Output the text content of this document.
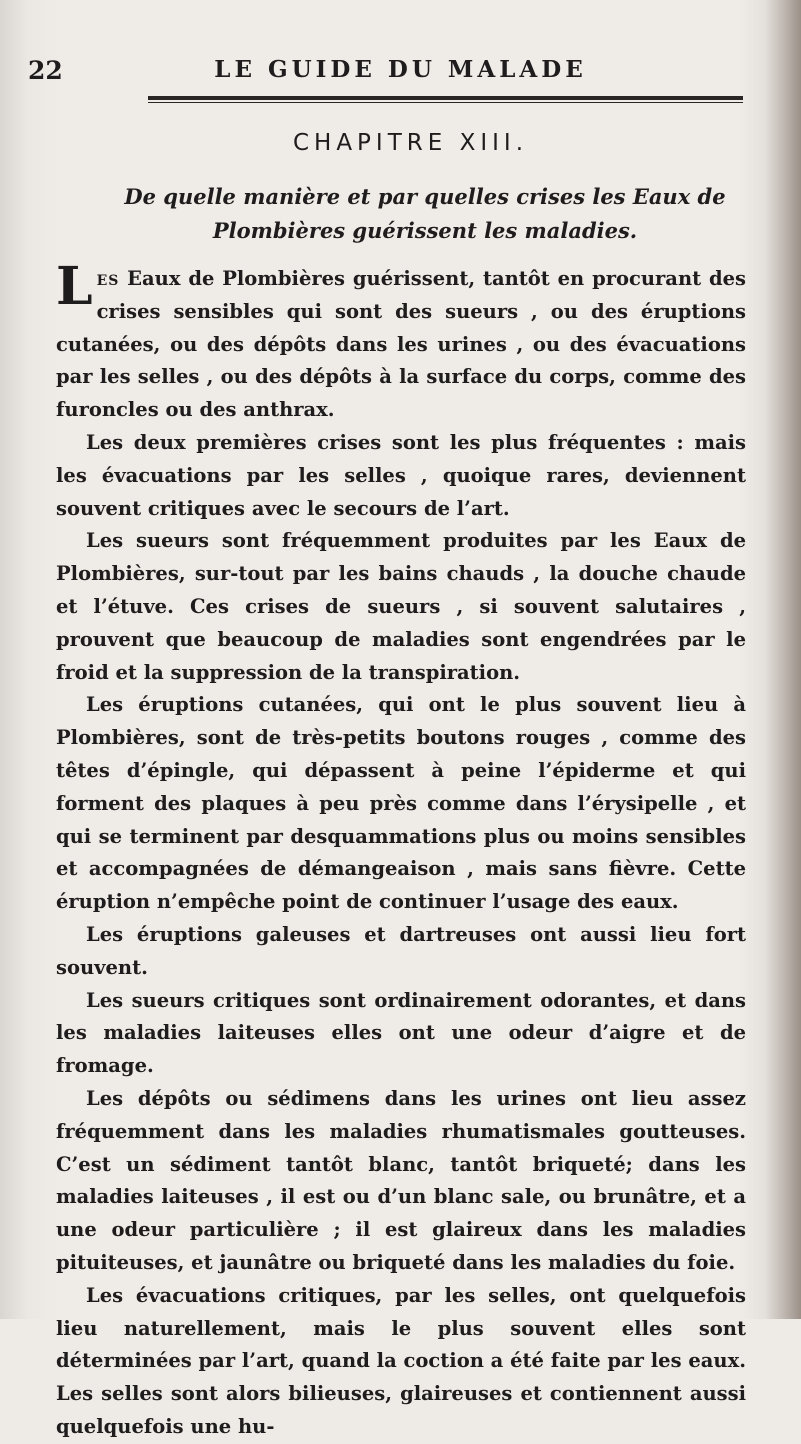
22	LE GUIDE DU MALADE
CHAPITRE XIII.
De quelle manière et par quelles crises les Eaux de Plombières guérissent les maladies.

Les Eaux de Plombières guérissent, tantôt en procurant des crises sensibles qui sont des sueurs , ou des éruptions cutanées, ou des dépôts dans les urines , ou des évacuations par les selles , ou des dépôts à la surface du corps, comme des furoncles ou des anthrax.

Les deux premières crises sont les plus fréquentes : mais les évacuations par les selles , quoique rares, deviennent souvent critiques avec le secours de l’art.

Les sueurs sont fréquemment produites par les Eaux de Plombières, sur-tout par les bains chauds , la douche chaude et l’étuve. Ces crises de sueurs , si souvent salutaires , prouvent que beaucoup de maladies sont engendrées par le froid et la suppression de la transpiration.

Les éruptions cutanées, qui ont le plus souvent lieu à Plombières, sont de très-petits boutons rouges , comme des têtes d’épingle, qui dépassent à peine l’épiderme et qui forment des plaques à peu près comme dans l’érysipelle , et qui se terminent par desquammations plus ou moins sensibles et accompagnées de démangeaison , mais sans fièvre. Cette éruption n’empêche point de continuer l’usage des eaux.

Les éruptions galeuses et dartreuses ont aussi lieu fort souvent.

Les sueurs critiques sont ordinairement odorantes, et dans les maladies laiteuses elles ont une odeur d’aigre et de fromage.

Les dépôts ou sédimens dans les urines ont lieu assez fréquemment dans les maladies rhumatismales goutteuses. C’est un sédiment tantôt blanc, tantôt briqueté; dans les maladies laiteuses , il est ou d’un blanc sale, ou brunâtre, et a une odeur particulière ; il est glaireux dans les maladies pituiteuses, et jaunâtre ou briqueté dans les maladies du foie.

Les évacuations critiques, par les selles, ont quelquefois lieu naturellement, mais le plus souvent elles sont déterminées par l’art, quand la coction a été faite par les eaux. Les selles sont alors bilieuses, glaireuses et contiennent aussi quelquefois une hu-
